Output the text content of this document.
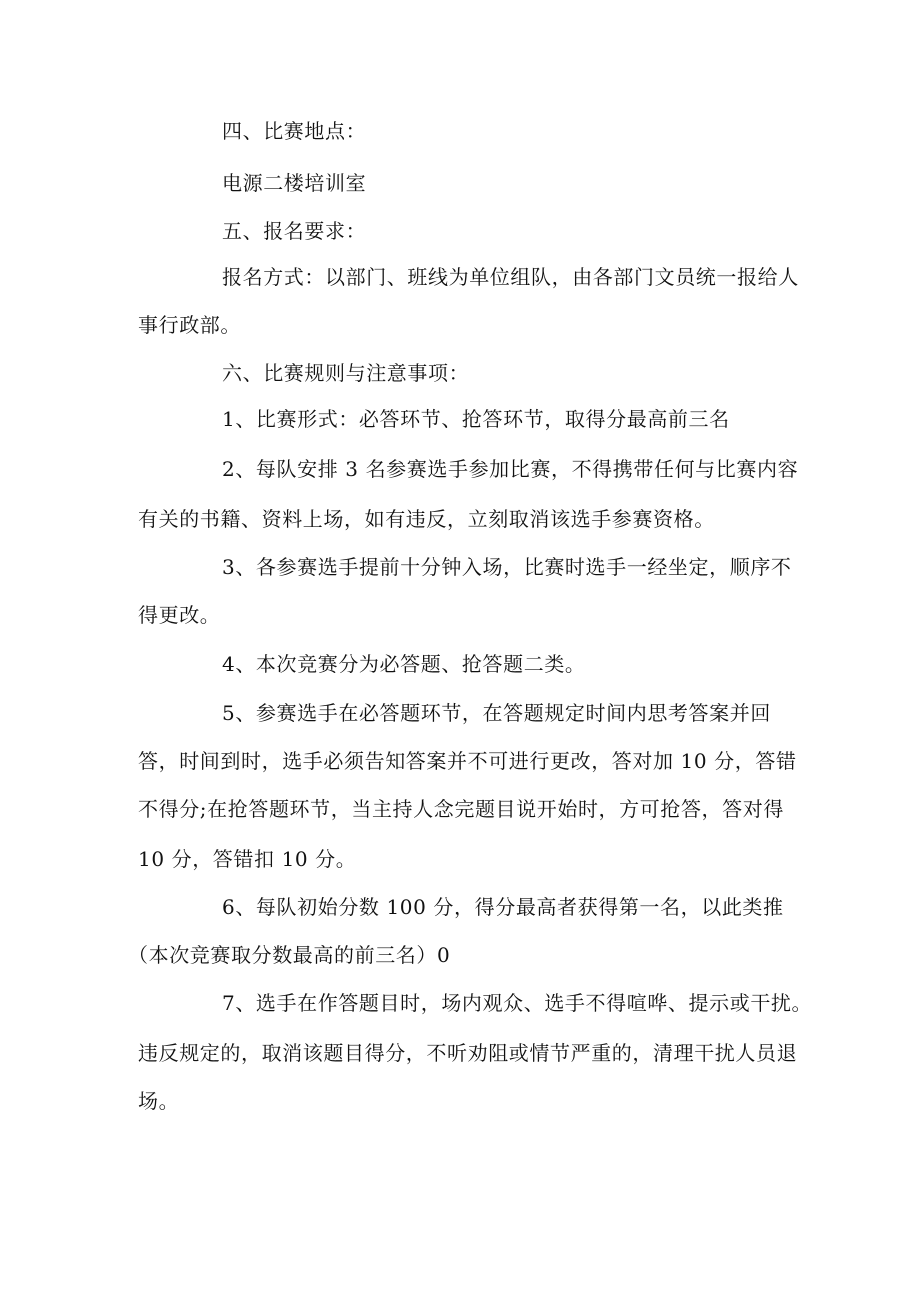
四、比赛地点：
电源二楼培训室
五、报名要求：
报名方式：以部门、班线为单位组队，由各部门文员统一报给人
事行政部。
六、比赛规则与注意事项：
1、比赛形式：必答环节、抢答环节，取得分最高前三名
2、每队安排 3 名参赛选手参加比赛，不得携带任何与比赛内容
有关的书籍、资料上场，如有违反，立刻取消该选手参赛资格。
3、各参赛选手提前十分钟入场，比赛时选手一经坐定，顺序不
得更改。
4、本次竞赛分为必答题、抢答题二类。
5、参赛选手在必答题环节，在答题规定时间内思考答案并回
答，时间到时，选手必须告知答案并不可进行更改，答对加 10 分，答错
不得分;在抢答题环节，当主持人念完题目说开始时，方可抢答，答对得
10 分，答错扣 10 分。
6、每队初始分数 100 分，得分最高者获得第一名，以此类推
（本次竞赛取分数最高的前三名）0
7、选手在作答题目时，场内观众、选手不得喧哗、提示或干扰。
违反规定的，取消该题目得分，不听劝阻或情节严重的，清理干扰人员退
场。
